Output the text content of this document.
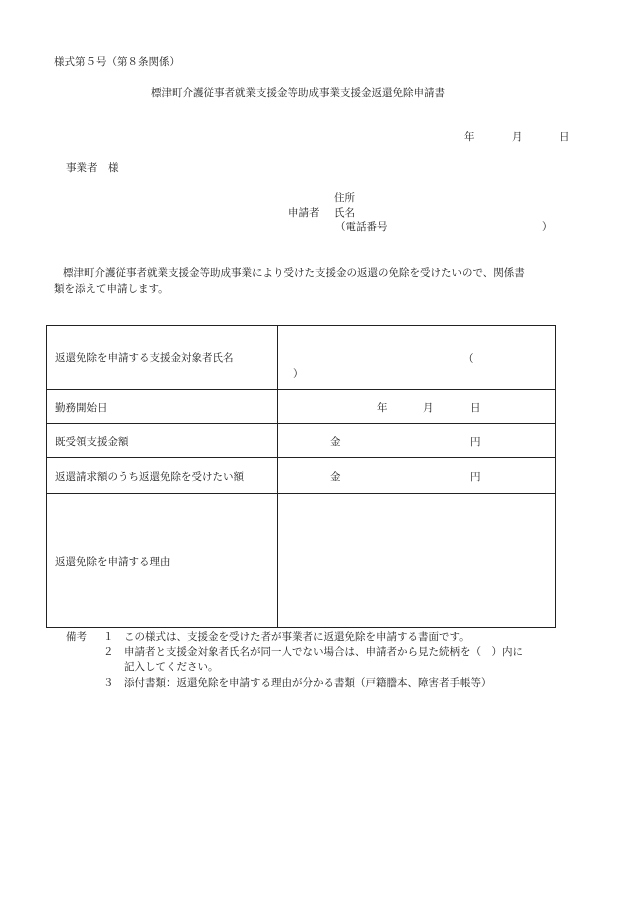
様式第５号（第８条関係）
標津町介護従事者就業支援金等助成事業支援金返還免除申請書
年	月	日
事業者　様
住所
申請者 氏名
（電話番号	）
標津町介護従事者就業支援金等助成事業により受けた支援金の返還の免除を受けたいので、関係書
類を添えて申請します。
返還免除を申請する支援金対象者氏名	（
）
勤務開始日	年	月	日
既受領支援金額	金	円
返還請求額のうち返還免除を受けたい額	金	円
返還免除を申請する理由
備考 １ この様式は、支援金を受けた者が事業者に返還免除を申請する書面です。
２ 申請者と支援金対象者氏名が同一人でない場合は、申請者から見た続柄を（　）内に
記入してください。
３ 添付書類：返還免除を申請する理由が分かる書類（戸籍謄本、障害者手帳等）
